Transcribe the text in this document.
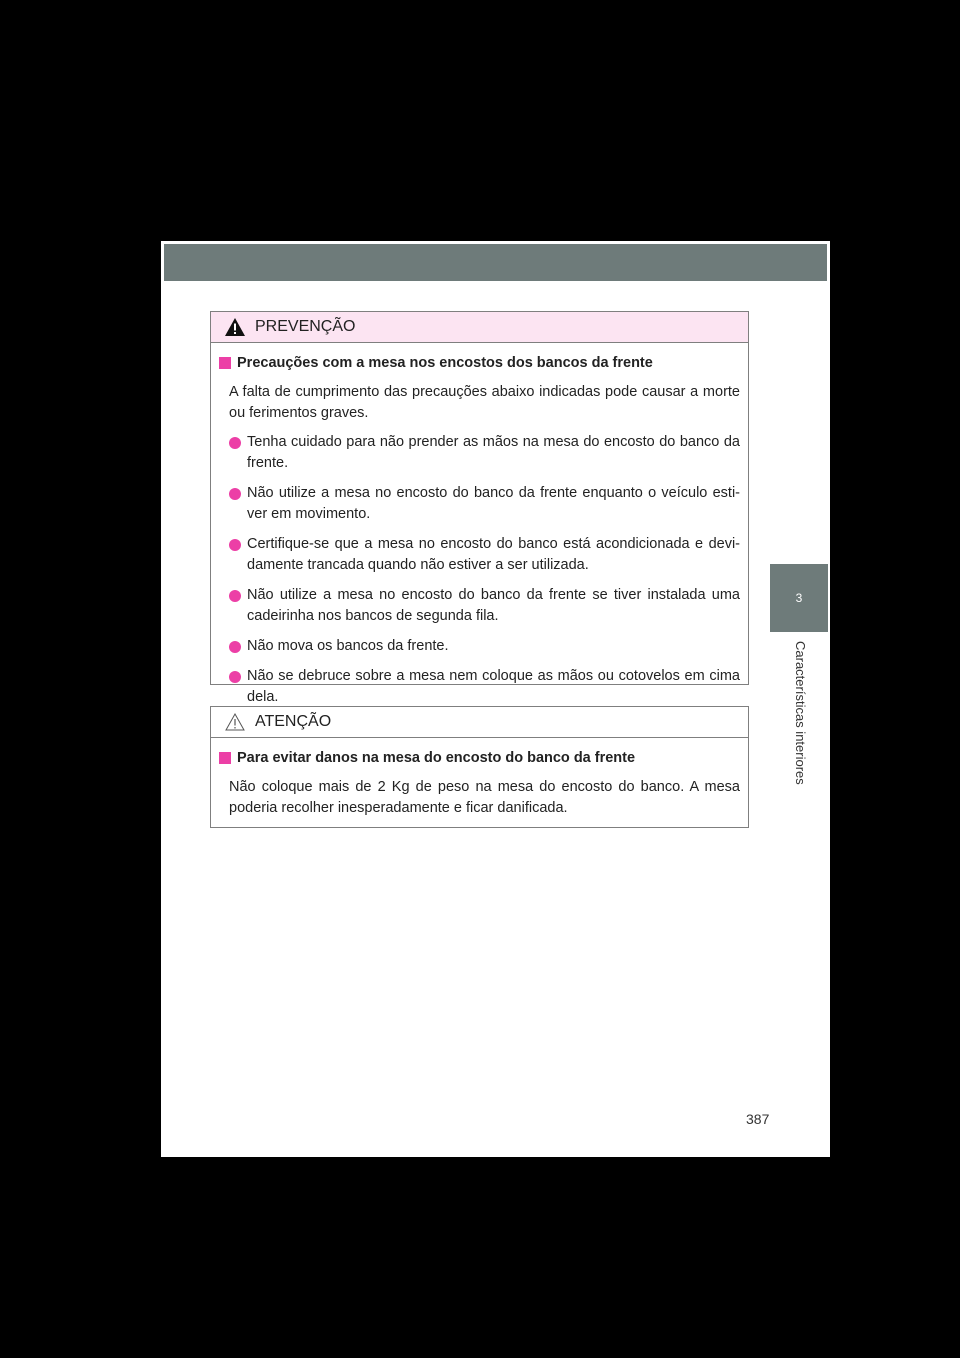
PREVENÇÃO
Precauções com a mesa nos encostos dos bancos da frente
A falta de cumprimento das precauções abaixo indicadas pode causar a morte ou ferimentos graves.
Tenha cuidado para não prender as mãos na mesa do encosto do banco da frente.
Não utilize a mesa no encosto do banco da frente enquanto o veículo esti- ver em movimento.
Certifique-se que a mesa no encosto do banco está acondicionada e devi- damente trancada quando não estiver a ser utilizada.
Não utilize a mesa no encosto do banco da frente se tiver instalada uma cadeirinha nos bancos de segunda fila.
Não mova os bancos da frente.
Não se debruce sobre a mesa nem coloque as mãos ou cotovelos em cima dela.
ATENÇÃO
Para evitar danos na mesa do encosto do banco da frente
Não coloque mais de 2 Kg de peso na mesa do encosto do banco. A mesa poderia recolher inesperadamente e ficar danificada.
3
Características interiores
387
